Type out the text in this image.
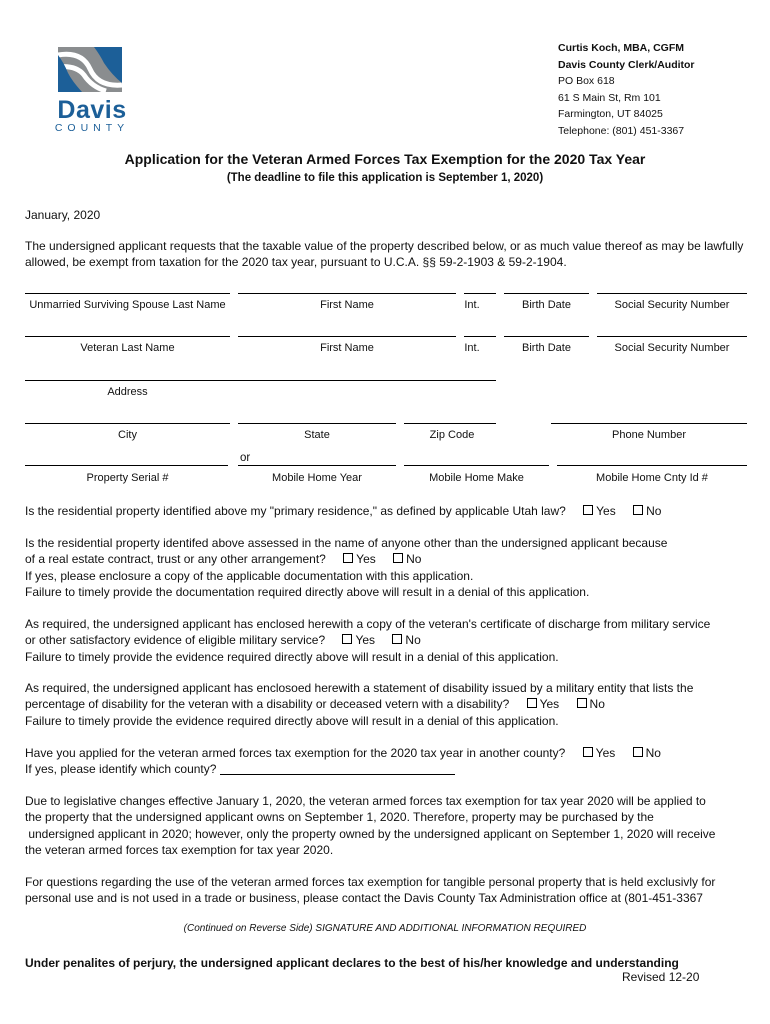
Davis
COUNTY
Curtis Koch, MBA, CGFM
Davis County Clerk/Auditor
PO Box 618
61 S Main St, Rm 101
Farmington, UT 84025
Telephone: (801) 451-3367
Application for the Veteran Armed Forces Tax Exemption for the 2020 Tax Year
(The deadline to file this application is September 1, 2020)
January, 2020
The undersigned applicant requests that the taxable value of the property described below, or as much value thereof as may be lawfully allowed, be exempt from taxation for the 2020 tax year, pursuant to U.C.A. §§ 59-2-1903 & 59-2-1904.
Unmarried Surviving Spouse Last Name	First Name	Int.	Birth Date	Social Security Number
Veteran Last Name	First Name	Int.	Birth Date	Social Security Number
Address
City	State	Zip Code	Phone Number
or
Property Serial #	Mobile Home Year	Mobile Home Make	Mobile Home Cnty Id #
Is the residential property identified above my "primary residence," as defined by applicable Utah law?	Yes	No
Is the residential property identifed above assessed in the name of anyone other than the undersigned applicant because
of a real estate contract, trust or any other arrangement?	Yes	No
If yes, please enclosure a copy of the applicable documentation with this application.
Failure to timely provide the documentation required directly above will result in a denial of this application.
As required, the undersigned applicant has enclosed herewith a copy of the veteran's certificate of discharge from military service
or other satisfactory evidence of eligible military service?	Yes	No
Failure to timely provide the evidence required directly above will result in a denial of this application.
As required, the undersigned applicant has enclosoed herewith a statement of disability issued by a military entity that lists the
percentage of disability for the veteran with a disability or deceased vetern with a disability?	Yes	No
Failure to timely provide the evidence required directly above will result in a denial of this application.
Have you applied for the veteran armed forces tax exemption for the 2020 tax year in another county?	Yes	No
If yes, please identify which county?
Due to legislative changes effective January 1, 2020, the veteran armed forces tax exemption for tax year 2020 will be applied to
the property that the undersigned applicant owns on September 1, 2020. Therefore, property may be purchased by the
undersigned applicant in 2020; however, only the property owned by the undersigned applicant on September 1, 2020 will receive
the veteran armed forces tax exemption for tax year 2020.
For questions regarding the use of the veteran armed forces tax exemption for tangible personal property that is held exclusivly for
personal use and is not used in a trade or business, please contact the Davis County Tax Administration office at (801-451-3367
(Continued on Reverse Side) SIGNATURE AND ADDITIONAL INFORMATION REQUIRED
Under penalites of perjury, the undersigned applicant declares to the best of his/her knowledge and understanding
Revised 12-20
